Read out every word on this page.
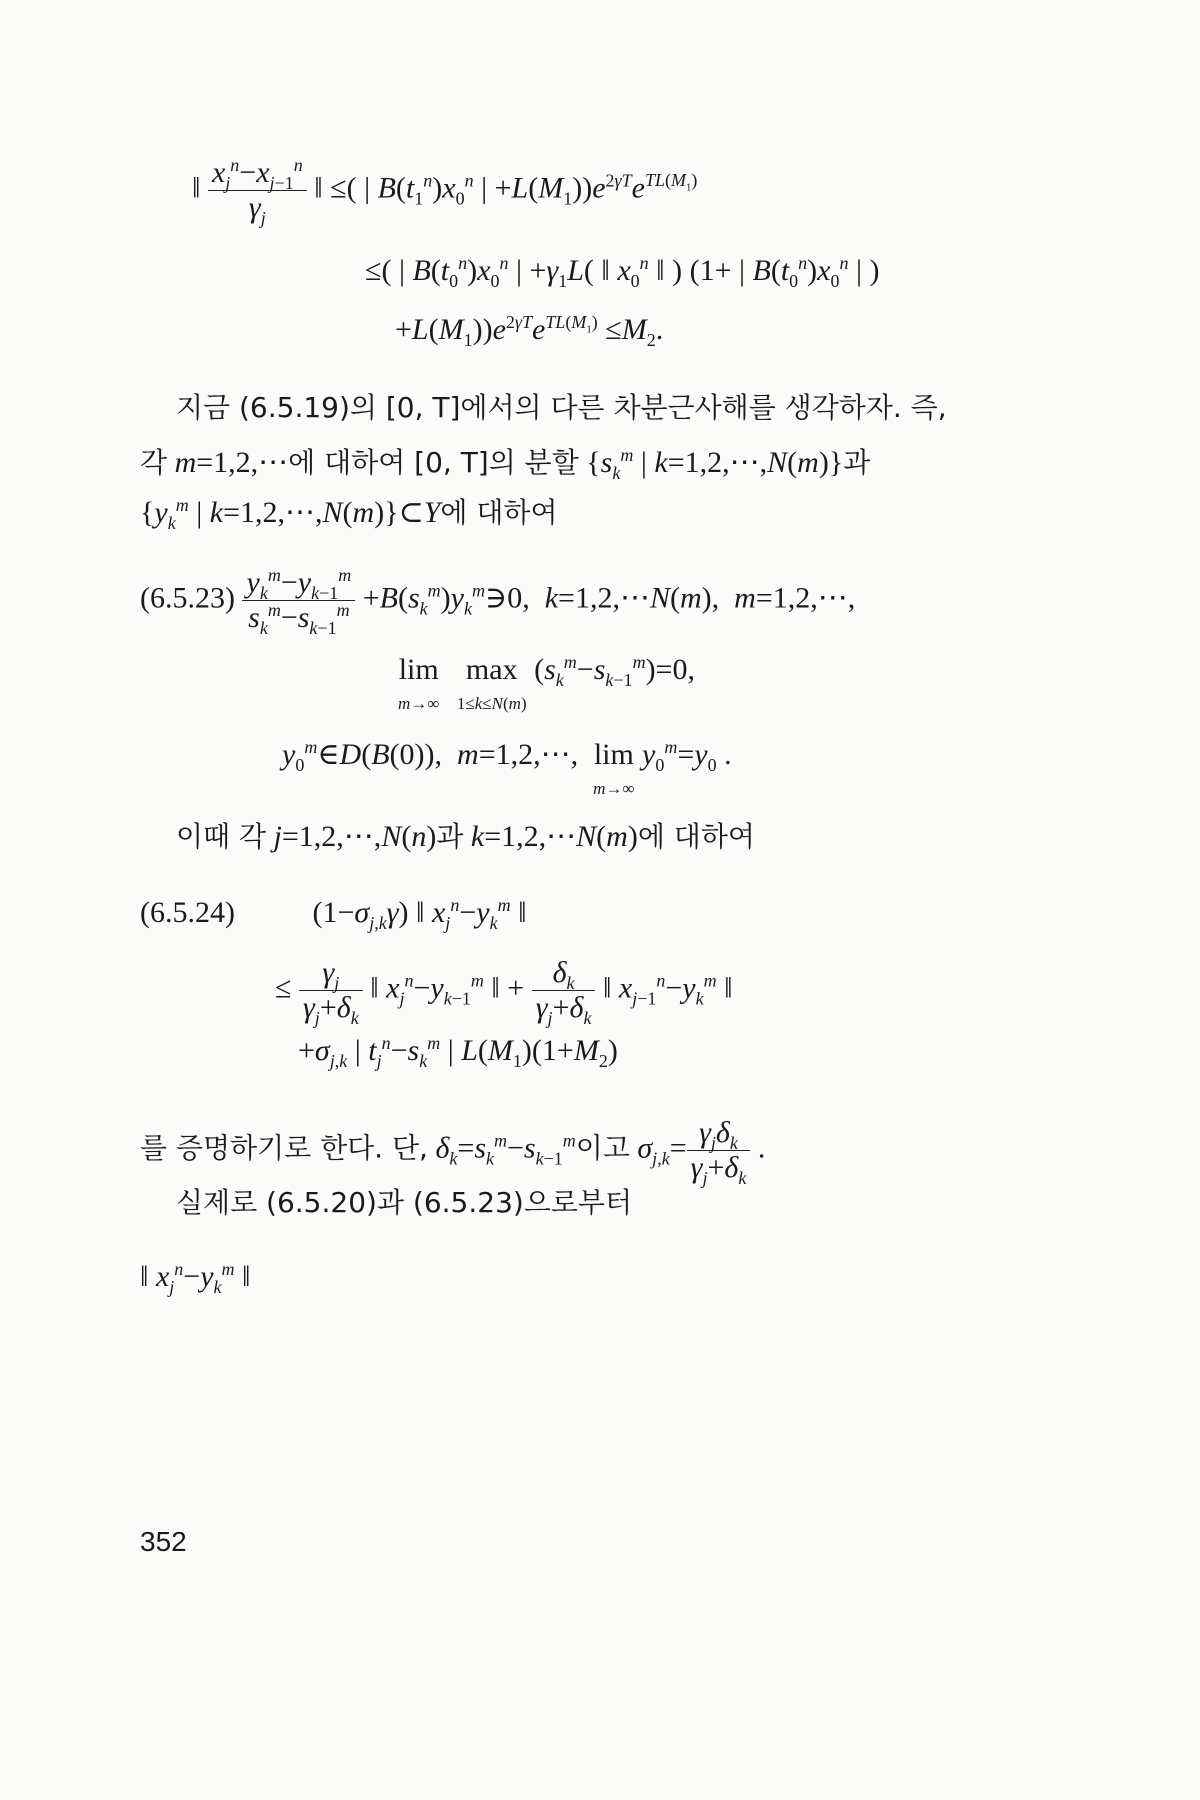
‖ $\frac{x_j^n-x_{j-1}^n}{\gamma_j}$ ‖ ≤( | $B(t_1^n)x_0^n$ | $+L(M_1))e^{2\gamma T}e^{TL(M_1)}$
≤( | $B(t_0^n)x_0^n$ | $+\gamma_1L$( ‖ $x_0^n$ ‖ ) (1+ | $B(t_0^n)x_0^n$ | )
$+L(M_1))e^{2\gamma T}e^{TL(M_1)} \le M_2$.
지금 (6.5.19)의 [0, T]에서의 다른 차분근사해를 생각하자. 즉,
각 m=1,2,⋯에 대하여 [0, T]의 분할 {$s_k^m$ | k=1,2,⋯,N(m)}과
{$y_k^m$ | k=1,2,⋯,N(m)}⊂Y에 대하여
$(6.5.23) \frac{y_k^m-y_{k-1}^m}{s_k^m-s_{k-1}^m}$ $+B(s_k^m)y_k^m∋0$,  k=1,2,⋯N(m),  m=1,2,⋯,
lim
m→∞ max
1≤k≤N(m) $(s_k^m-s_{k-1}^m)=0$,
$y_0^m\in D(B(0))$,  m=1,2,⋯,  lim
m→∞ $y_0^m=y_0$ .
이때 각 j=1,2,⋯,N(n)과 k=1,2,⋯N(m)에 대하여
(6.5.24)	$(1-\sigma_{j,k}\gamma)$ ‖ $x_j^n-y_k^m$ ‖
≤ $\frac{\gamma_j}{\gamma_j+\delta_k}$ ‖ $x_j^n-y_{k-1}^m$ ‖ + $\frac{\delta_k}{\gamma_j+\delta_k}$ ‖ $x_{j-1}^n-y_k^m$ ‖
$+\sigma_{j,k}$ | $t_j^n-s_k^m$ | $L(M_1)(1+M_2)$
를 증명하기로 한다. 단, $\delta_k=s_k^m-s_{k-1}^m$이고 $\sigma_{j,k}= \frac{\gamma_j\delta_k}{\gamma_j+\delta_k}$ .
실제로 (6.5.20)과 (6.5.23)으로부터
‖ $x_j^n-y_k^m$ ‖
352
